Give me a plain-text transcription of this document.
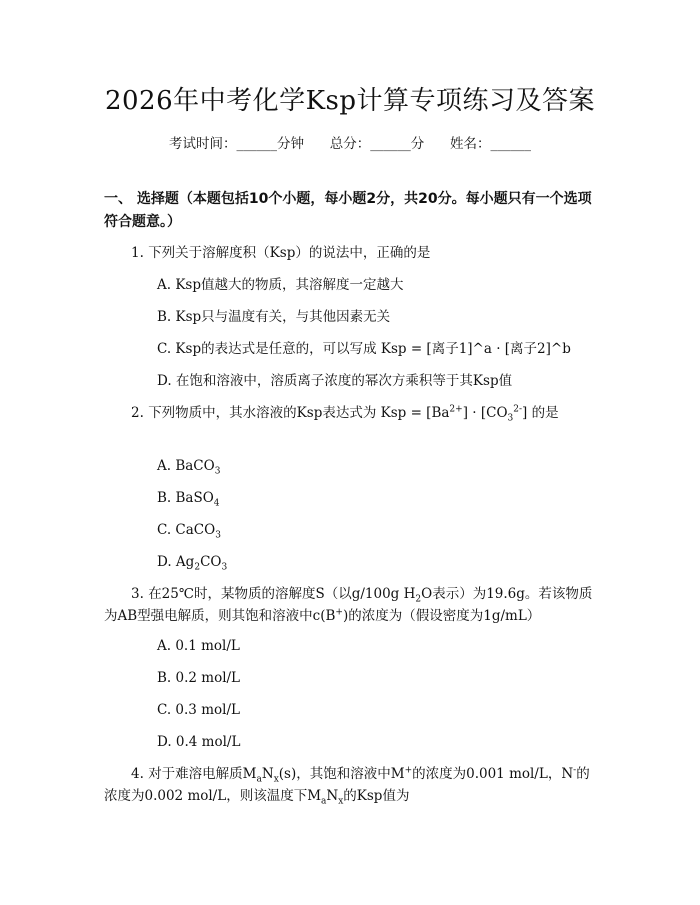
2026年中考化学Ksp计算专项练习及答案
考试时间：______分钟 总分：______分 姓名：______
一、 选择题（本题包括10个小题，每小题2分，共20分。每小题只有一个选项符合题意。）
1. 下列关于溶解度积（Ksp）的说法中，正确的是
A. Ksp值越大的物质，其溶解度一定越大
B. Ksp只与温度有关，与其他因素无关
C. Ksp的表达式是任意的，可以写成 Ksp = [离子1]^a · [离子2]^b
D. 在饱和溶液中，溶质离子浓度的幂次方乘积等于其Ksp值
2. 下列物质中，其水溶液的Ksp表达式为 Ksp = $[Ba^{2+}] \cdot [CO_3^{2-}]$ 的是
A. BaCO$_3$
B. BaSO$_4$
C. CaCO$_3$
D. $Ag_2CO_3$
3. 在25℃时，某物质的溶解度S（以g/100g $H_2O$表示）为19.6g。若该物质为AB型强电解质，则其饱和溶液中c(B+)的浓度为（假设密度为1g/mL）
A. 0.1 mol/L
B. 0.2 mol/L
C. 0.3 mol/L
D. 0.4 mol/L
4. 对于难溶电解质$M_aN_x(s)$，其饱和溶液中M+的浓度为0.001 mol/L，N-的浓度为0.002 mol/L，则该温度下$M_aN_x$的Ksp值为
